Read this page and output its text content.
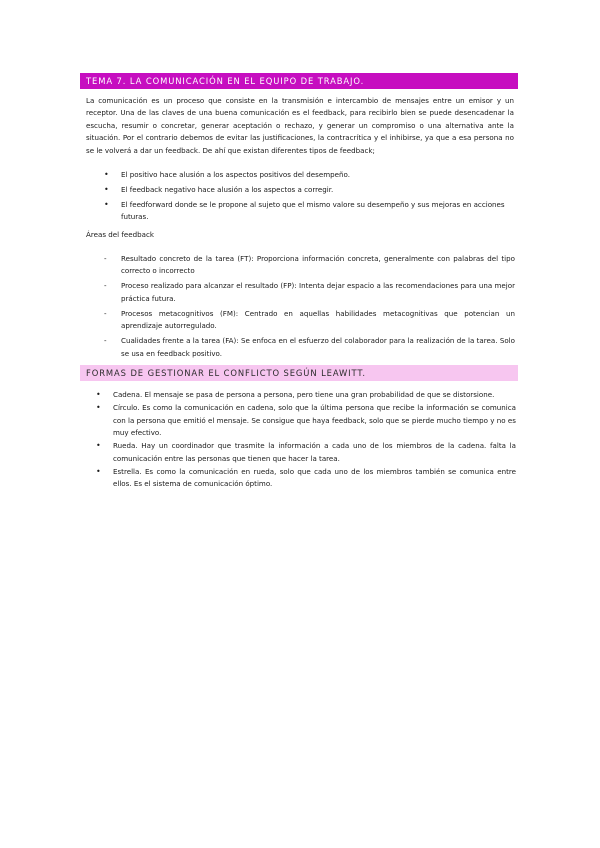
TEMA 7. LA COMUNICACIÓN EN EL EQUIPO DE TRABAJO.

La comunicación es un proceso que consiste en la transmisión e intercambio de mensajes entre un emisor y un receptor. Una de las claves de una buena comunicación es el feedback, para recibirlo bien se puede desencadenar la escucha, resumir o concretar, generar aceptación o rechazo, y generar un compromiso o una alternativa ante la situación. Por el contrario debemos de evitar las justificaciones, la contracrítica y el inhibirse, ya que a esa persona no se le volverá a dar un feedback. De ahí que existan diferentes tipos de feedback;

• El positivo hace alusión a los aspectos positivos del desempeño.
• El feedback negativo hace alusión a los aspectos a corregir.
• El feedforward donde se le propone al sujeto que el mismo valore su desempeño y sus mejoras en acciones futuras.

Áreas del feedback

- Resultado concreto de la tarea (FT): Proporciona información concreta, generalmente con palabras del tipo correcto o incorrecto
- Proceso realizado para alcanzar el resultado (FP): Intenta dejar espacio a las recomendaciones para una mejor práctica futura.
- Procesos metacognitivos (FM): Centrado en aquellas habilidades metacognitivas que potencian un aprendizaje autorregulado.
- Cualidades frente a la tarea (FA): Se enfoca en el esfuerzo del colaborador para la realización de la tarea. Solo se usa en feedback positivo.
FORMAS DE GESTIONAR EL CONFLICTO SEGÚN LEAWITT.
• Cadena. El mensaje se pasa de persona a persona, pero tiene una gran probabilidad de que se distorsione.
• Círculo. Es como la comunicación en cadena, solo que la última persona que recibe la información se comunica con la persona que emitió el mensaje. Se consigue que haya feedback, solo que se pierde mucho tiempo y no es muy efectivo.
• Rueda. Hay un coordinador que trasmite la información a cada uno de los miembros de la cadena. falta la comunicación entre las personas que tienen que hacer la tarea.
• Estrella. Es como la comunicación en rueda, solo que cada uno de los miembros también se comunica entre ellos. Es el sistema de comunicación óptimo.
